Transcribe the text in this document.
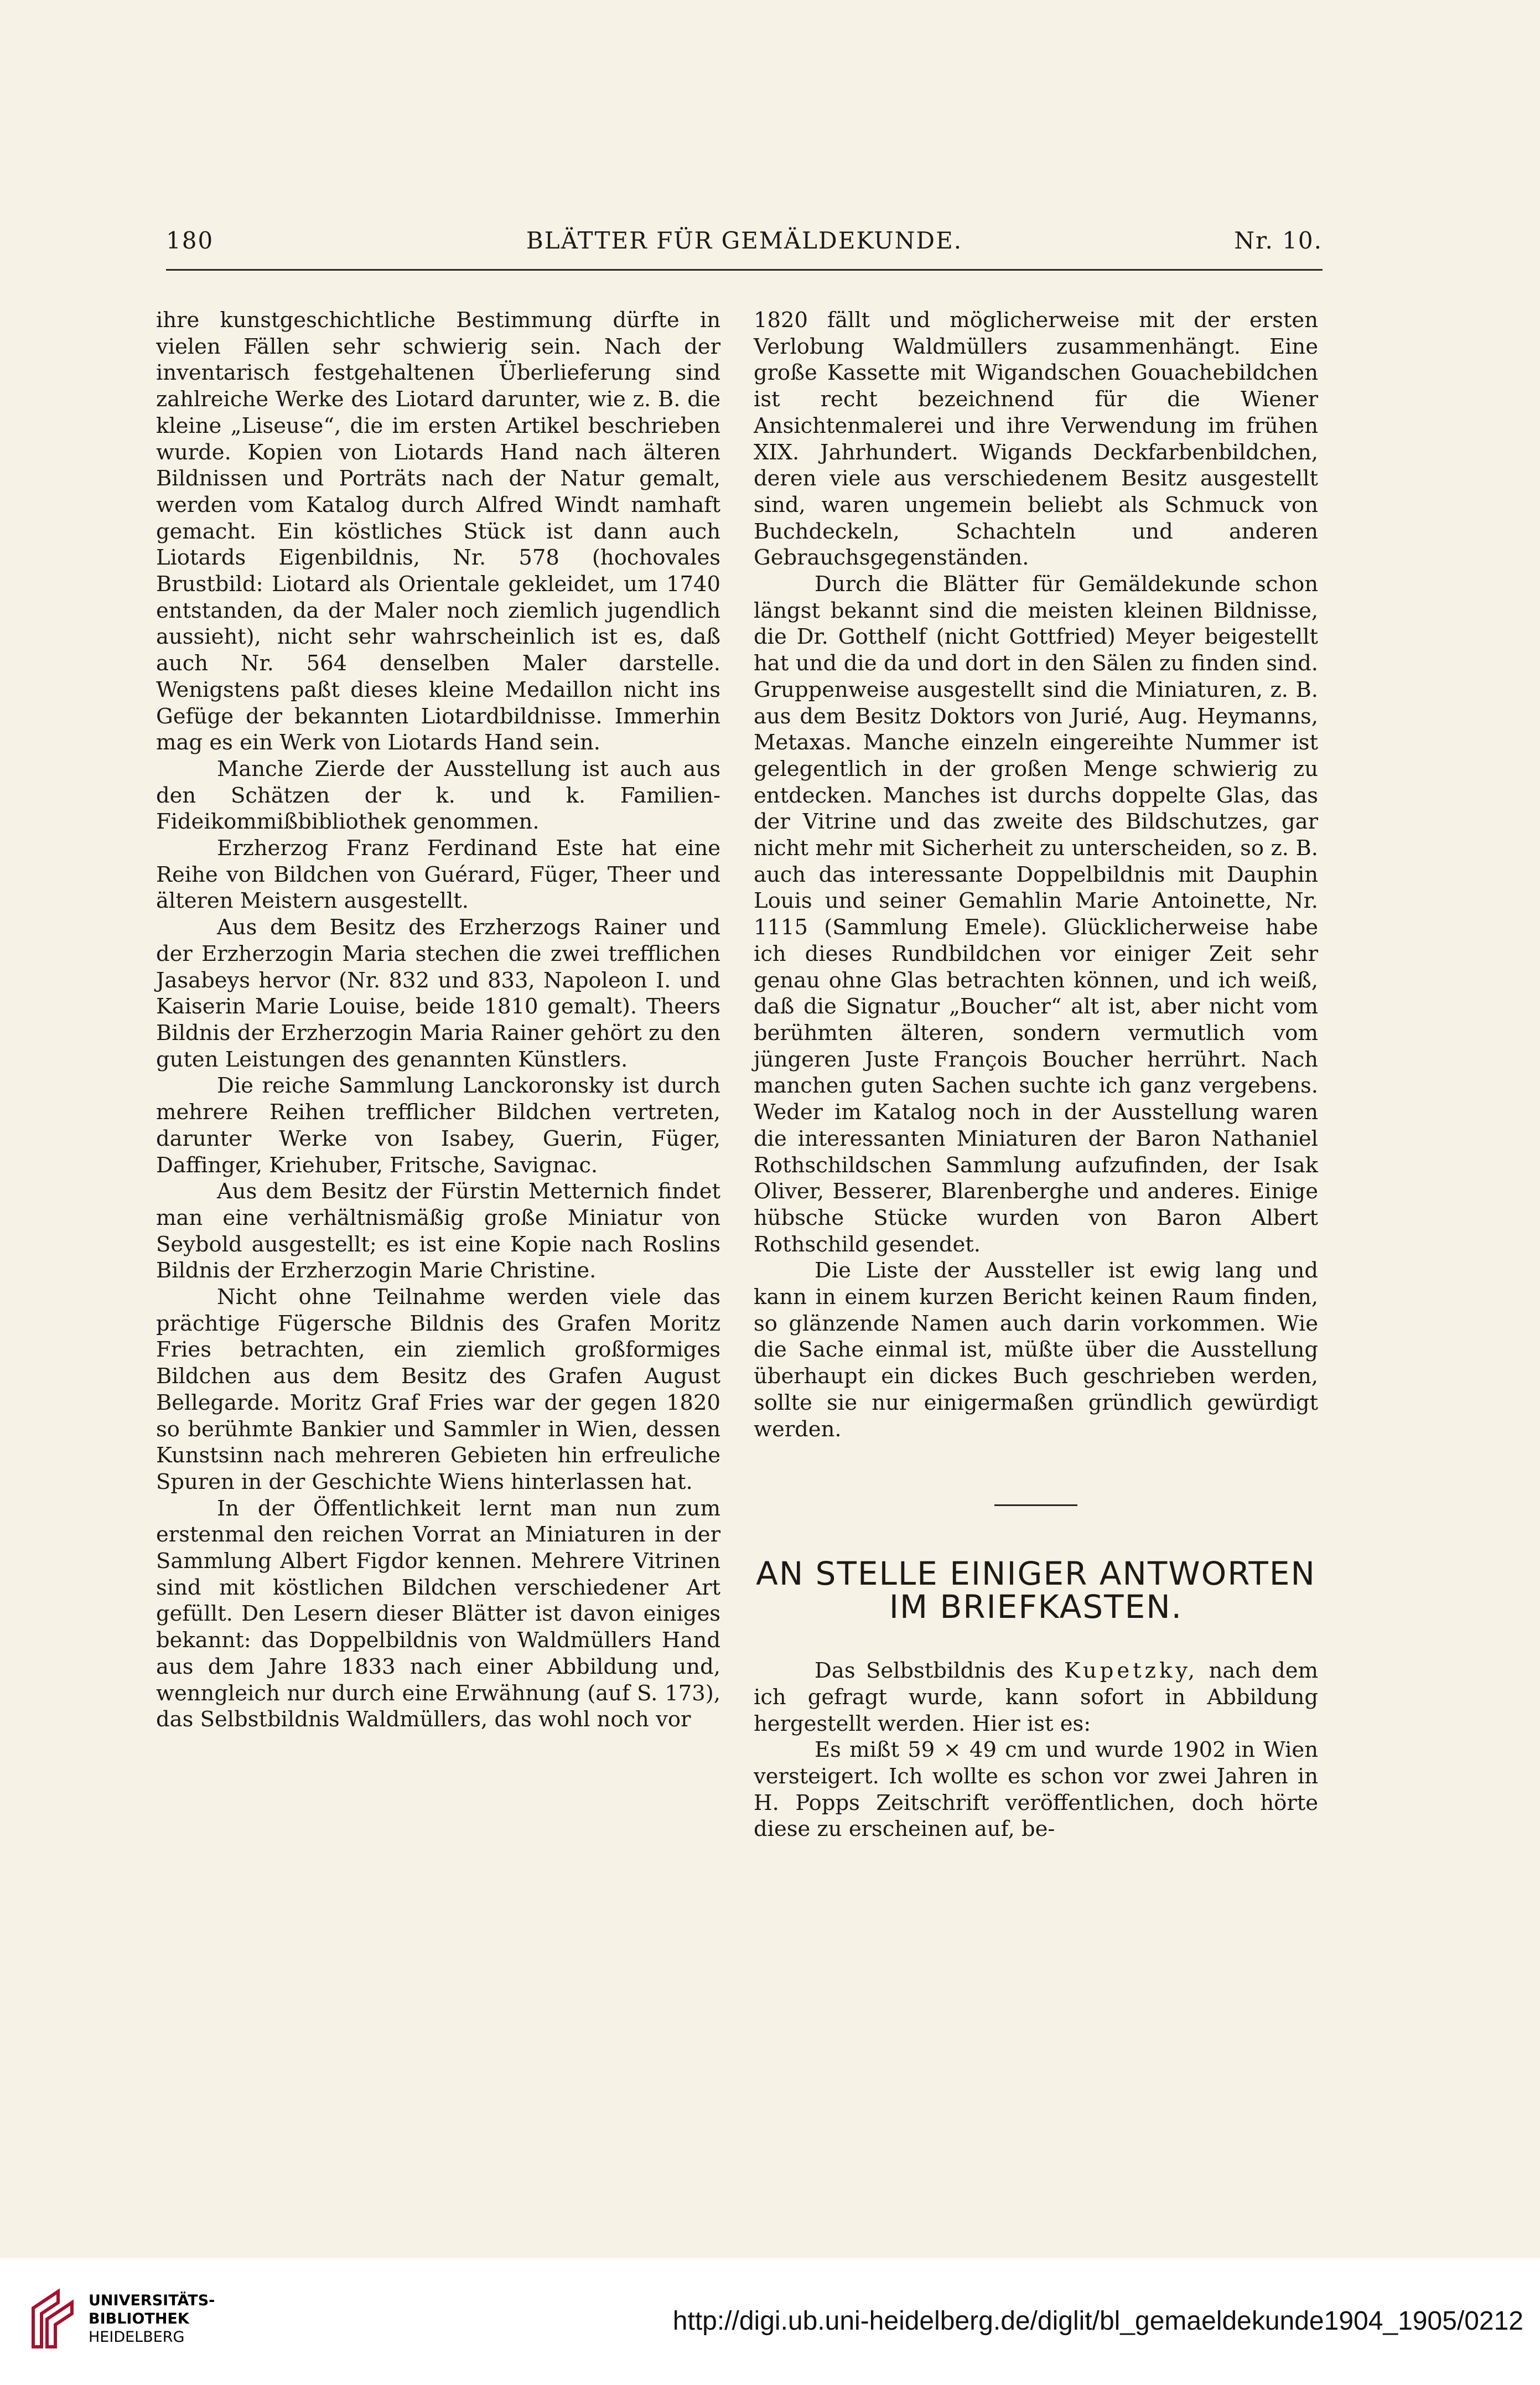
180	BLÄTTER FÜR GEMÄLDEKUNDE.	Nr. 10.

ihre kunstgeschichtliche Bestimmung dürfte in vielen Fällen sehr schwierig sein. Nach der inventarisch festgehaltenen Überlieferung sind zahlreiche Werke des Liotard darunter, wie z. B. die kleine „Liseuse“, die im ersten Artikel beschrieben wurde. Kopien von Liotards Hand nach älteren Bildnissen und Porträts nach der Natur gemalt, werden vom Katalog durch Alfred Windt namhaft gemacht. Ein köstliches Stück ist dann auch Liotards Eigenbildnis, Nr. 578 (hochovales Brustbild: Liotard als Orientale gekleidet, um 1740 entstanden, da der Maler noch ziemlich jugendlich aussieht), nicht sehr wahrscheinlich ist es, daß auch Nr. 564 denselben Maler darstelle. Wenigstens paßt dieses kleine Medaillon nicht ins Gefüge der bekannten Liotardbildnisse. Immerhin mag es ein Werk von Liotards Hand sein.

Manche Zierde der Ausstellung ist auch aus den Schätzen der k. und k. Familien-Fideikommißbibliothek genommen.

Erzherzog Franz Ferdinand Este hat eine Reihe von Bildchen von Guérard, Füger, Theer und älteren Meistern ausgestellt.

Aus dem Besitz des Erzherzogs Rainer und der Erzherzogin Maria stechen die zwei trefflichen Jasabeys hervor (Nr. 832 und 833, Napoleon I. und Kaiserin Marie Louise, beide 1810 gemalt). Theers Bildnis der Erzherzogin Maria Rainer gehört zu den guten Leistungen des genannten Künstlers.

Die reiche Sammlung Lanckoronsky ist durch mehrere Reihen trefflicher Bildchen vertreten, darunter Werke von Isabey, Guerin, Füger, Daffinger, Kriehuber, Fritsche, Savignac.

Aus dem Besitz der Fürstin Metternich findet man eine verhältnismäßig große Miniatur von Seybold ausgestellt; es ist eine Kopie nach Roslins Bildnis der Erzherzogin Marie Christine.

Nicht ohne Teilnahme werden viele das prächtige Fügersche Bildnis des Grafen Moritz Fries betrachten, ein ziemlich großformiges Bildchen aus dem Besitz des Grafen August Bellegarde. Moritz Graf Fries war der gegen 1820 so berühmte Bankier und Sammler in Wien, dessen Kunstsinn nach mehreren Gebieten hin erfreuliche Spuren in der Geschichte Wiens hinterlassen hat.

In der Öffentlichkeit lernt man nun zum erstenmal den reichen Vorrat an Miniaturen in der Sammlung Albert Figdor kennen. Mehrere Vitrinen sind mit köstlichen Bildchen verschiedener Art gefüllt. Den Lesern dieser Blätter ist davon einiges bekannt: das Doppelbildnis von Waldmüllers Hand aus dem Jahre 1833 nach einer Abbildung und, wenngleich nur durch eine Erwähnung (auf S. 173), das Selbstbildnis Waldmüllers, das wohl noch vor

1820 fällt und möglicherweise mit der ersten Verlobung Waldmüllers zusammenhängt. Eine große Kassette mit Wigandschen Gouachebildchen ist recht bezeichnend für die Wiener Ansichtenmalerei und ihre Verwendung im frühen XIX. Jahrhundert. Wigands Deckfarbenbildchen, deren viele aus verschiedenem Besitz ausgestellt sind, waren ungemein beliebt als Schmuck von Buchdeckeln, Schachteln und anderen Gebrauchsgegenständen.

Durch die Blätter für Gemäldekunde schon längst bekannt sind die meisten kleinen Bildnisse, die Dr. Gotthelf (nicht Gottfried) Meyer beigestellt hat und die da und dort in den Sälen zu finden sind. Gruppenweise ausgestellt sind die Miniaturen, z. B. aus dem Besitz Doktors von Jurié, Aug. Heymanns, Metaxas. Manche einzeln eingereihte Nummer ist gelegentlich in der großen Menge schwierig zu entdecken. Manches ist durchs doppelte Glas, das der Vitrine und das zweite des Bildschutzes, gar nicht mehr mit Sicherheit zu unterscheiden, so z. B. auch das interessante Doppelbildnis mit Dauphin Louis und seiner Gemahlin Marie Antoinette, Nr. 1115 (Sammlung Emele). Glücklicherweise habe ich dieses Rundbildchen vor einiger Zeit sehr genau ohne Glas betrachten können, und ich weiß, daß die Signatur „Boucher“ alt ist, aber nicht vom berühmten älteren, sondern vermutlich vom jüngeren Juste François Boucher herrührt. Nach manchen guten Sachen suchte ich ganz vergebens. Weder im Katalog noch in der Ausstellung waren die interessanten Miniaturen der Baron Nathaniel Rothschildschen Sammlung aufzufinden, der Isak Oliver, Besserer, Blarenberghe und anderes. Einige hübsche Stücke wurden von Baron Albert Rothschild gesendet.

Die Liste der Aussteller ist ewig lang und kann in einem kurzen Bericht keinen Raum finden, so glänzende Namen auch darin vorkommen. Wie die Sache einmal ist, müßte über die Ausstellung überhaupt ein dickes Buch geschrieben werden, sollte sie nur einigermaßen gründlich gewürdigt werden.

AN STELLE EINIGER ANTWORTEN IM BRIEFKASTEN.

Das Selbstbildnis des Kupetzky, nach dem ich gefragt wurde, kann sofort in Abbildung hergestellt werden. Hier ist es:

Es mißt 59 × 49 cm und wurde 1902 in Wien versteigert. Ich wollte es schon vor zwei Jahren in H. Popps Zeitschrift veröffentlichen, doch hörte diese zu erscheinen auf, be-

UNIVERSITÄTS-
BIBLIOTHEK
HEIDELBERG
http://digi.ub.uni-heidelberg.de/diglit/bl_gemaeldekunde1904_1905/0212
